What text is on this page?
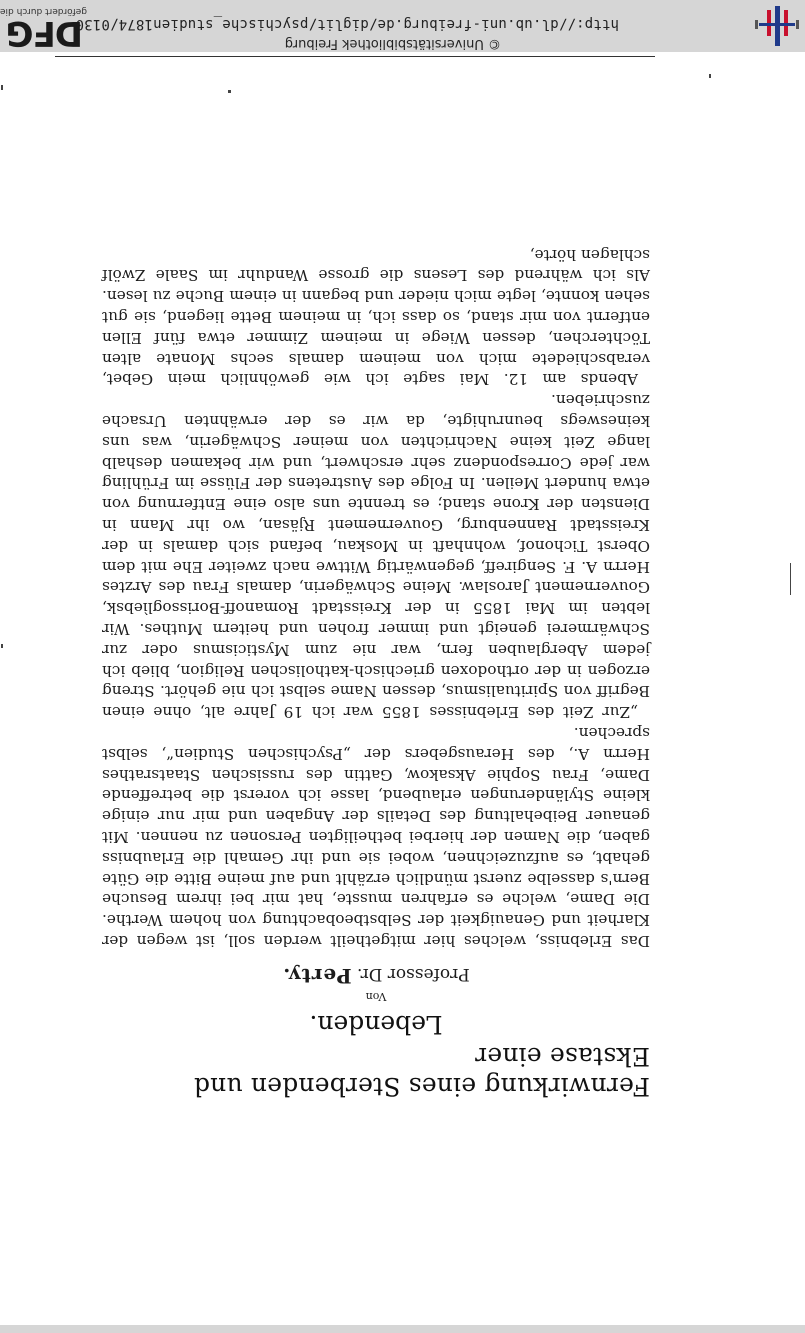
© Universitätsbibliothek Freiburg
http://dl.ub.uni-freiburg.de/diglit/psychische_studien1874/0130
DFG
gefördert durch die
Fernwirkung eines Sterbenden und Ekstase einer
Lebenden.
Von
Professor Dr. Perty.

Das Erlebniss, welches hier mitgetheilt werden soll, ist wegen der Klarheit und Genauigkeit der Selbstbeobachtung von hohem Werthe. Die Dame, welche es erfahren musste, hat mir bei ihrem Besuche Bern's dasselbe zuerst mündlich erzählt und auf meine Bitte die Güte gehabt, es aufzuzeichnen, wobei sie und ihr Gemahl die Erlaubniss gaben, die Namen der hierbei betheiligten Personen zu nennen. Mit genauer Beibehaltung des Details der Angaben und mir nur einige kleine Styländerungen erlaubend, lasse ich vorerst die betreffende Dame, Frau Sophie Aksakow, Gattin des russischen Staatsrathes Herrn A., des Herausgebers der „Psychischen Studien“, selbst sprechen.

„Zur Zeit des Erlebnisses 1855 war ich 19 Jahre alt, ohne einen Begriff von Spiritualismus, dessen Name selbst ich nie gehört. Streng erzogen in der orthodoxen griechisch-katholischen Religion, blieb ich jedem Aberglauben fern, war nie zum Mysticismus oder zur Schwärmerei geneigt und immer frohen und heitern Muthes. Wir lebten im Mai 1855 in der Kreisstadt Romanoff-Borissoglìebsk, Gouvernement Jaroslaw. Meine Schwägerin, damals Frau des Arztes Herrn A. F. Sengireff, gegenwärtig Wittwe nach zweiter Ehe mit dem Oberst Tichonof, wohnhaft in Moskau, befand sich damals in der Kreisstadt Rannenburg, Gouvernement Rjäsan, wo ihr Mann in Diensten der Krone stand; es trennte uns also eine Entfernung von etwa hundert Meilen. In Folge des Austretens der Flüsse im Frühling war jede Correspondenz sehr erschwert, und wir bekamen deshalb lange Zeit keine Nachrichten von meiner Schwägerin, was uns keineswegs beunruhigte, da wir es der erwähnten Ursache zuschrieben.

Abends am 12. Mai sagte ich wie gewöhnlich mein Gebet, verabschiedete mich von meinem damals sechs Monate alten Töchterchen, dessen Wiege in meinem Zimmer etwa fünf Ellen entfernt von mir stand, so dass ich, in meinem Bette liegend, sie gut sehen konnte, legte mich nieder und begann in einem Buche zu lesen. Als ich während des Lesens die grosse Wanduhr im Saale Zwölf schlagen hörte,
